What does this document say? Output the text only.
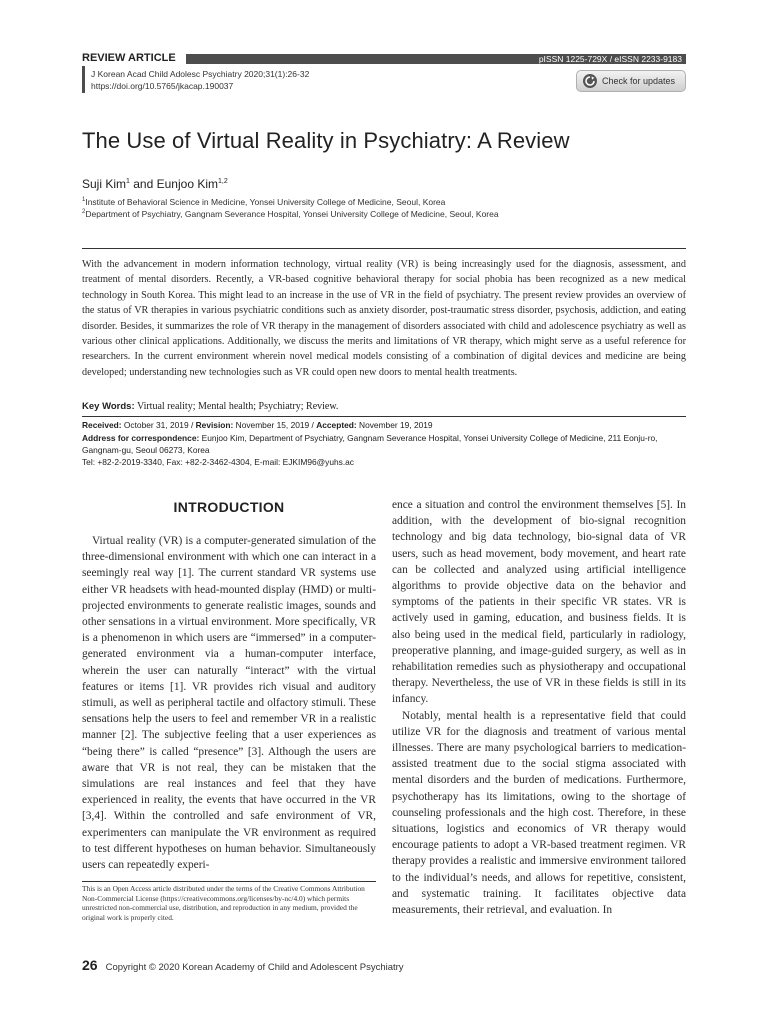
pISSN 1225-729X / eISSN 2233-9183
REVIEW ARTICLE
J Korean Acad Child Adolesc Psychiatry 2020;31(1):26-32
https://doi.org/10.5765/jkacap.190037	Check for updates
The Use of Virtual Reality in Psychiatry: A Review
Suji Kim$^1$ and Eunjoo Kim$^{1,2}$
$^1$Institute of Behavioral Science in Medicine, Yonsei University College of Medicine, Seoul, Korea
$^2$Department of Psychiatry, Gangnam Severance Hospital, Yonsei University College of Medicine, Seoul, Korea
With the advancement in modern information technology, virtual reality (VR) is being increasingly used for the diagnosis, assessment, and treatment of mental disorders. Recently, a VR-based cognitive behavioral therapy for social phobia has been recognized as a new medical technology in South Korea. This might lead to an increase in the use of VR in the field of psychiatry. The present review provides an overview of the status of VR therapies in various psychiatric conditions such as anxiety disorder, post-traumatic stress disorder, psychosis, addiction, and eating disorder. Besides, it summarizes the role of VR therapy in the management of disorders associated with child and adolescence psychiatry as well as various other clinical applications. Additionally, we discuss the merits and limitations of VR therapy, which might serve as a useful reference for researchers. In the current environment wherein novel medical models consisting of a combination of digital devices and medicine are being developed; understanding new technologies such as VR could open new doors to mental health treatments.
Key Words: Virtual reality; Mental health; Psychiatry; Review.
Received: October 31, 2019 / Revision: November 15, 2019 / Accepted: November 19, 2019
Address for correspondence: Eunjoo Kim, Department of Psychiatry, Gangnam Severance Hospital, Yonsei University College of Medicine, 211 Eonju-ro,
Gangnam-gu, Seoul 06273, Korea
Tel: +82-2-2019-3340, Fax: +82-2-3462-4304, E-mail: EJKIM96@yuhs.ac
INTRODUCTION

Virtual reality (VR) is a computer-generated simulation of the three-dimensional environment with which one can interact in a seemingly real way [1]. The current standard VR systems use either VR headsets with head-mounted display (HMD) or multi-projected environments to generate realistic images, sounds and other sensations in a virtual environment. More specifically, VR is a phenomenon in which users are “immersed” in a computer-generated environment via a human-computer interface, wherein the user can naturally “interact” with the virtual features or items [1]. VR provides rich visual and auditory stimuli, as well as peripheral tactile and olfactory stimuli. These sensations help the users to feel and remember VR in a realistic manner [2]. The subjective feeling that a user experiences as “being there” is called “presence” [3]. Although the users are aware that VR is not real, they can be mistaken that the simulations are real instances and feel that they have experienced in reality, the events that have occurred in the VR [3,4]. Within the controlled and safe environment of VR, experimenters can manipulate the VR environment as required to test different hypotheses on human behavior. Simultaneously users can repeatedly experi-

ence a situation and control the environment themselves [5]. In addition, with the development of bio-signal recognition technology and big data technology, bio-signal data of VR users, such as head movement, body movement, and heart rate can be collected and analyzed using artificial intelligence algorithms to provide objective data on the behavior and symptoms of the patients in their specific VR states. VR is actively used in gaming, education, and business fields. It is also being used in the medical field, particularly in radiology, preoperative planning, and image-guided surgery, as well as in rehabilitation remedies such as physiotherapy and occupational therapy. Nevertheless, the use of VR in these fields is still in its infancy.

Notably, mental health is a representative field that could utilize VR for the diagnosis and treatment of various mental illnesses. There are many psychological barriers to medication-assisted treatment due to the social stigma associated with mental disorders and the burden of medications. Furthermore, psychotherapy has its limitations, owing to the shortage of counseling professionals and the high cost. Therefore, in these situations, logistics and economics of VR therapy would encourage patients to adopt a VR-based treatment regimen. VR therapy provides a realistic and immersive environment tailored to the individual’s needs, and allows for repetitive, consistent, and systematic training. It facilitates objective data measurements, their retrieval, and evaluation. In

This is an Open Access article distributed under the terms of the Creative Commons Attribution Non-Commercial License (https://creativecommons.org/licenses/by-nc/4.0) which permits unrestricted non-commercial use, distribution, and reproduction in any medium, provided the original work is properly cited.
26 Copyright © 2020 Korean Academy of Child and Adolescent Psychiatry
